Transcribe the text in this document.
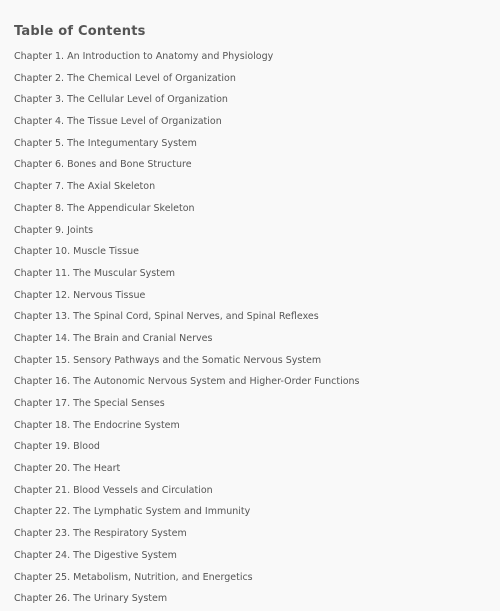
Table of Contents
Chapter 1. An Introduction to Anatomy and Physiology
Chapter 2. The Chemical Level of Organization
Chapter 3. The Cellular Level of Organization
Chapter 4. The Tissue Level of Organization
Chapter 5. The Integumentary System
Chapter 6. Bones and Bone Structure
Chapter 7. The Axial Skeleton
Chapter 8. The Appendicular Skeleton
Chapter 9. Joints
Chapter 10. Muscle Tissue
Chapter 11. The Muscular System
Chapter 12. Nervous Tissue
Chapter 13. The Spinal Cord, Spinal Nerves, and Spinal Reflexes
Chapter 14. The Brain and Cranial Nerves
Chapter 15. Sensory Pathways and the Somatic Nervous System
Chapter 16. The Autonomic Nervous System and Higher-Order Functions
Chapter 17. The Special Senses
Chapter 18. The Endocrine System
Chapter 19. Blood
Chapter 20. The Heart
Chapter 21. Blood Vessels and Circulation
Chapter 22. The Lymphatic System and Immunity
Chapter 23. The Respiratory System
Chapter 24. The Digestive System
Chapter 25. Metabolism, Nutrition, and Energetics
Chapter 26. The Urinary System
